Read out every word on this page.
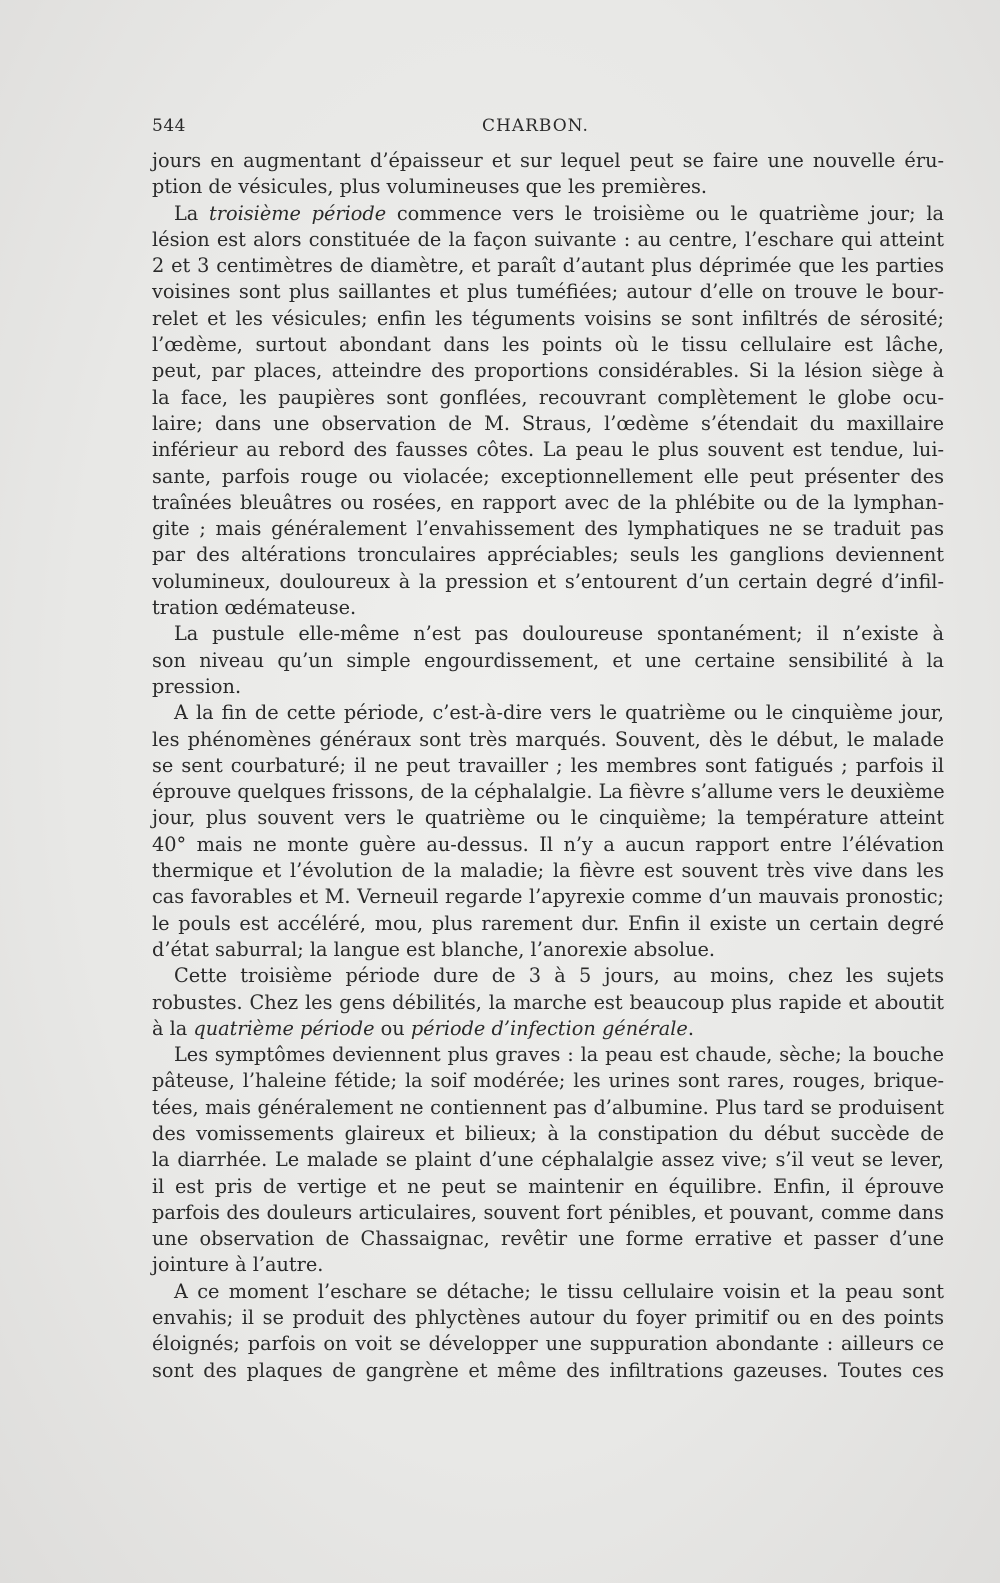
544	CHARBON.
jours en augmentant d’épaisseur et sur lequel peut se faire une nouvelle éru-
ption de vésicules, plus volumineuses que les premières.
La troisième période commence vers le troisième ou le quatrième jour; la
lésion est alors constituée de la façon suivante : au centre, l’eschare qui atteint
2 et 3 centimètres de diamètre, et paraît d’autant plus déprimée que les parties
voisines sont plus saillantes et plus tuméfiées; autour d’elle on trouve le bour-
relet et les vésicules; enfin les téguments voisins se sont infiltrés de sérosité;
l’œdème, surtout abondant dans les points où le tissu cellulaire est lâche,
peut, par places, atteindre des proportions considérables. Si la lésion siège à
la face, les paupières sont gonflées, recouvrant complètement le globe ocu-
laire; dans une observation de M. Straus, l’œdème s’étendait du maxillaire
inférieur au rebord des fausses côtes. La peau le plus souvent est tendue, lui-
sante, parfois rouge ou violacée; exceptionnellement elle peut présenter des
traînées bleuâtres ou rosées, en rapport avec de la phlébite ou de la lymphan-
gite ; mais généralement l’envahissement des lymphatiques ne se traduit pas
par des altérations tronculaires appréciables; seuls les ganglions deviennent
volumineux, douloureux à la pression et s’entourent d’un certain degré d’infil-
tration œdémateuse.
La pustule elle-même n’est pas douloureuse spontanément; il n’existe à
son niveau qu’un simple engourdissement, et une certaine sensibilité à la
pression.
A la fin de cette période, c’est-à-dire vers le quatrième ou le cinquième jour,
les phénomènes généraux sont très marqués. Souvent, dès le début, le malade
se sent courbaturé; il ne peut travailler ; les membres sont fatigués ; parfois il
éprouve quelques frissons, de la céphalalgie. La fièvre s’allume vers le deuxième
jour, plus souvent vers le quatrième ou le cinquième; la température atteint
40° mais ne monte guère au-dessus. Il n’y a aucun rapport entre l’élévation
thermique et l’évolution de la maladie; la fièvre est souvent très vive dans les
cas favorables et M. Verneuil regarde l’apyrexie comme d’un mauvais pronostic;
le pouls est accéléré, mou, plus rarement dur. Enfin il existe un certain degré
d’état saburral; la langue est blanche, l’anorexie absolue.
Cette troisième période dure de 3 à 5 jours, au moins, chez les sujets
robustes. Chez les gens débilités, la marche est beaucoup plus rapide et aboutit
à la quatrième période ou période d’infection générale.
Les symptômes deviennent plus graves : la peau est chaude, sèche; la bouche
pâteuse, l’haleine fétide; la soif modérée; les urines sont rares, rouges, brique-
tées, mais généralement ne contiennent pas d’albumine. Plus tard se produisent
des vomissements glaireux et bilieux; à la constipation du début succède de
la diarrhée. Le malade se plaint d’une céphalalgie assez vive; s’il veut se lever,
il est pris de vertige et ne peut se maintenir en équilibre. Enfin, il éprouve
parfois des douleurs articulaires, souvent fort pénibles, et pouvant, comme dans
une observation de Chassaignac, revêtir une forme errative et passer d’une
jointure à l’autre.
A ce moment l’eschare se détache; le tissu cellulaire voisin et la peau sont
envahis; il se produit des phlyctènes autour du foyer primitif ou en des points
éloignés; parfois on voit se développer une suppuration abondante : ailleurs ce
sont des plaques de gangrène et même des infiltrations gazeuses. Toutes ces
